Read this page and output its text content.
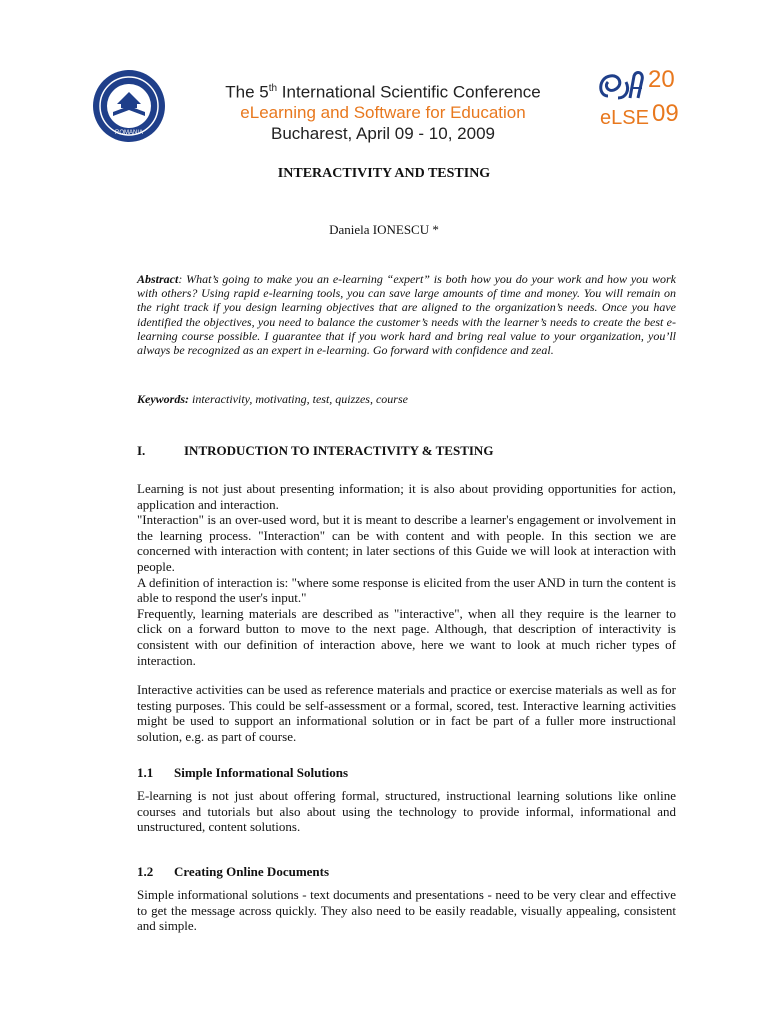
ROMANIA
The 5th International Scientific Conference
eLearning and Software for Education
Bucharest, April 09 - 10, 2009
20
09
eLSE
INTERACTIVITY AND TESTING
Daniela IONESCU *
Abstract: What’s going to make you an e-learning “expert” is both how you do your work and how you work with others? Using rapid e-learning tools, you can save large amounts of time and money. You will remain on the right track if you design learning objectives that are aligned to the organization’s needs. Once you have identified the objectives, you need to balance the customer’s needs with the learner’s needs to create the best e-learning course possible. I guarantee that if you work hard and bring real value to your organization, you’ll always be recognized as an expert in e-learning. Go forward with confidence and zeal.
Keywords: interactivity, motivating, test, quizzes, course
I.	INTRODUCTION TO INTERACTIVITY & TESTING

Learning is not just about presenting information; it is also about providing opportunities for action, application and interaction.

"Interaction" is an over-used word, but it is meant to describe a learner's engagement or involvement in the learning process. "Interaction" can be with content and with people. In this section we are concerned with interaction with content; in later sections of this Guide we will look at interaction with people.

A definition of interaction is: "where some response is elicited from the user AND in turn the content is able to respond the user's input."

Frequently, learning materials are described as "interactive", when all they require is the learner to click on a forward button to move to the next page. Although, that description of interactivity is consistent with our definition of interaction above, here we want to look at much richer types of interaction.

Interactive activities can be used as reference materials and practice or exercise materials as well as for testing purposes. This could be self-assessment or a formal, scored, test. Interactive learning activities might be used to support an informational solution or in fact be part of a fuller more instructional solution, e.g. as part of course.

1.1 Simple Informational Solutions

E-learning is not just about offering formal, structured, instructional learning solutions like online courses and tutorials but also about using the technology to provide informal, informational and unstructured, content solutions.

1.2 Creating Online Documents

Simple informational solutions - text documents and presentations - need to be very clear and effective to get the message across quickly. They also need to be easily readable, visually appealing, consistent and simple.
